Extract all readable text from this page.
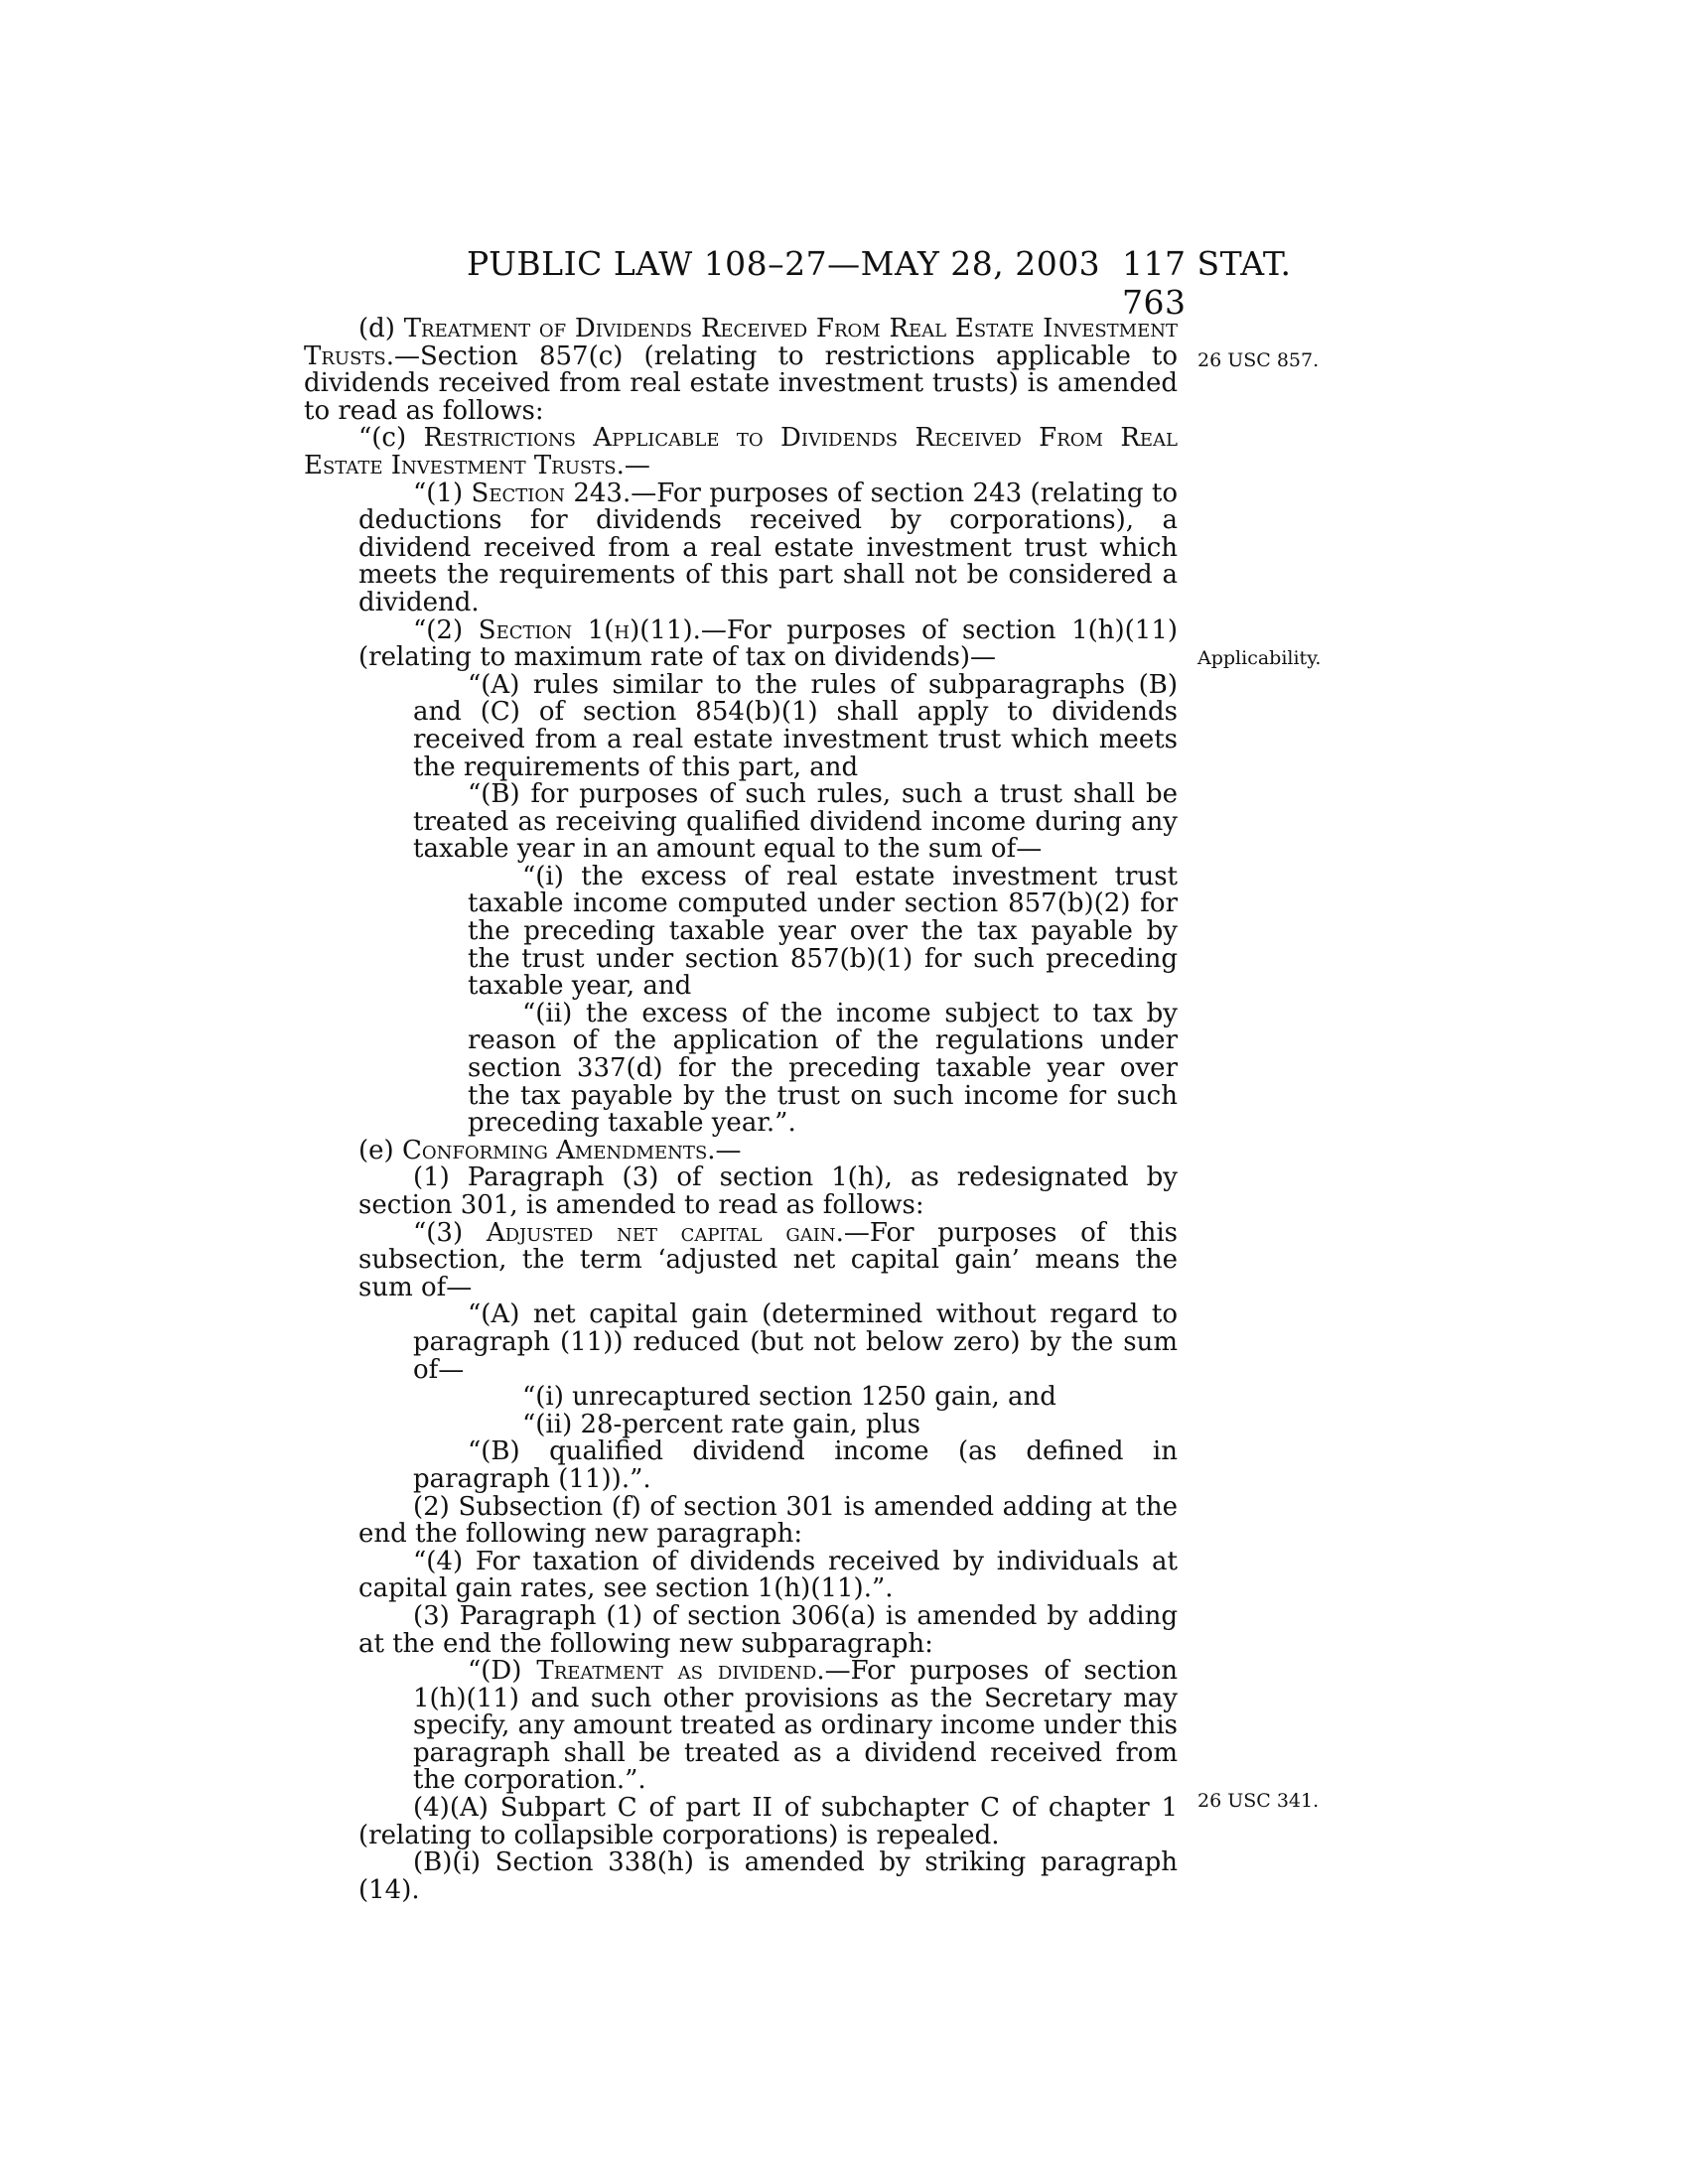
PUBLIC LAW 108–27—MAY 28, 2003 117 STAT. 763
26 USC 857.
Applicability.
26 USC 341.

(d) Treatment of Dividends Received From Real Estate Investment Trusts.—Section 857(c) (relating to restrictions applicable to dividends received from real estate investment trusts) is amended to read as follows:

“(c) Restrictions Applicable to Dividends Received From Real Estate Investment Trusts.—

“(1) Section 243.—For purposes of section 243 (relating to deductions for dividends received by corporations), a dividend received from a real estate investment trust which meets the requirements of this part shall not be considered a dividend.

“(2) Section 1(h)(11).—For purposes of section 1(h)(11) (relating to maximum rate of tax on dividends)—

“(A) rules similar to the rules of subparagraphs (B) and (C) of section 854(b)(1) shall apply to dividends received from a real estate investment trust which meets the requirements of this part, and

“(B) for purposes of such rules, such a trust shall be treated as receiving qualified dividend income during any taxable year in an amount equal to the sum of—

“(i) the excess of real estate investment trust taxable income computed under section 857(b)(2) for the preceding taxable year over the tax payable by the trust under section 857(b)(1) for such preceding taxable year, and

“(ii) the excess of the income subject to tax by reason of the application of the regulations under section 337(d) for the preceding taxable year over the tax payable by the trust on such income for such preceding taxable year.”.

(e) Conforming Amendments.—

(1) Paragraph (3) of section 1(h), as redesignated by section 301, is amended to read as follows:

“(3) Adjusted net capital gain.—For purposes of this subsection, the term ‘adjusted net capital gain’ means the sum of—

“(A) net capital gain (determined without regard to paragraph (11)) reduced (but not below zero) by the sum of—

“(i) unrecaptured section 1250 gain, and

“(ii) 28-percent rate gain, plus

“(B) qualified dividend income (as defined in paragraph (11)).”.

(2) Subsection (f) of section 301 is amended adding at the end the following new paragraph:

“(4) For taxation of dividends received by individuals at capital gain rates, see section 1(h)(11).”.

(3) Paragraph (1) of section 306(a) is amended by adding at the end the following new subparagraph:

“(D) Treatment as dividend.—For purposes of section 1(h)(11) and such other provisions as the Secretary may specify, any amount treated as ordinary income under this paragraph shall be treated as a dividend received from the corporation.”.

(4)(A) Subpart C of part II of subchapter C of chapter 1 (relating to collapsible corporations) is repealed.

(B)(i) Section 338(h) is amended by striking paragraph (14).
